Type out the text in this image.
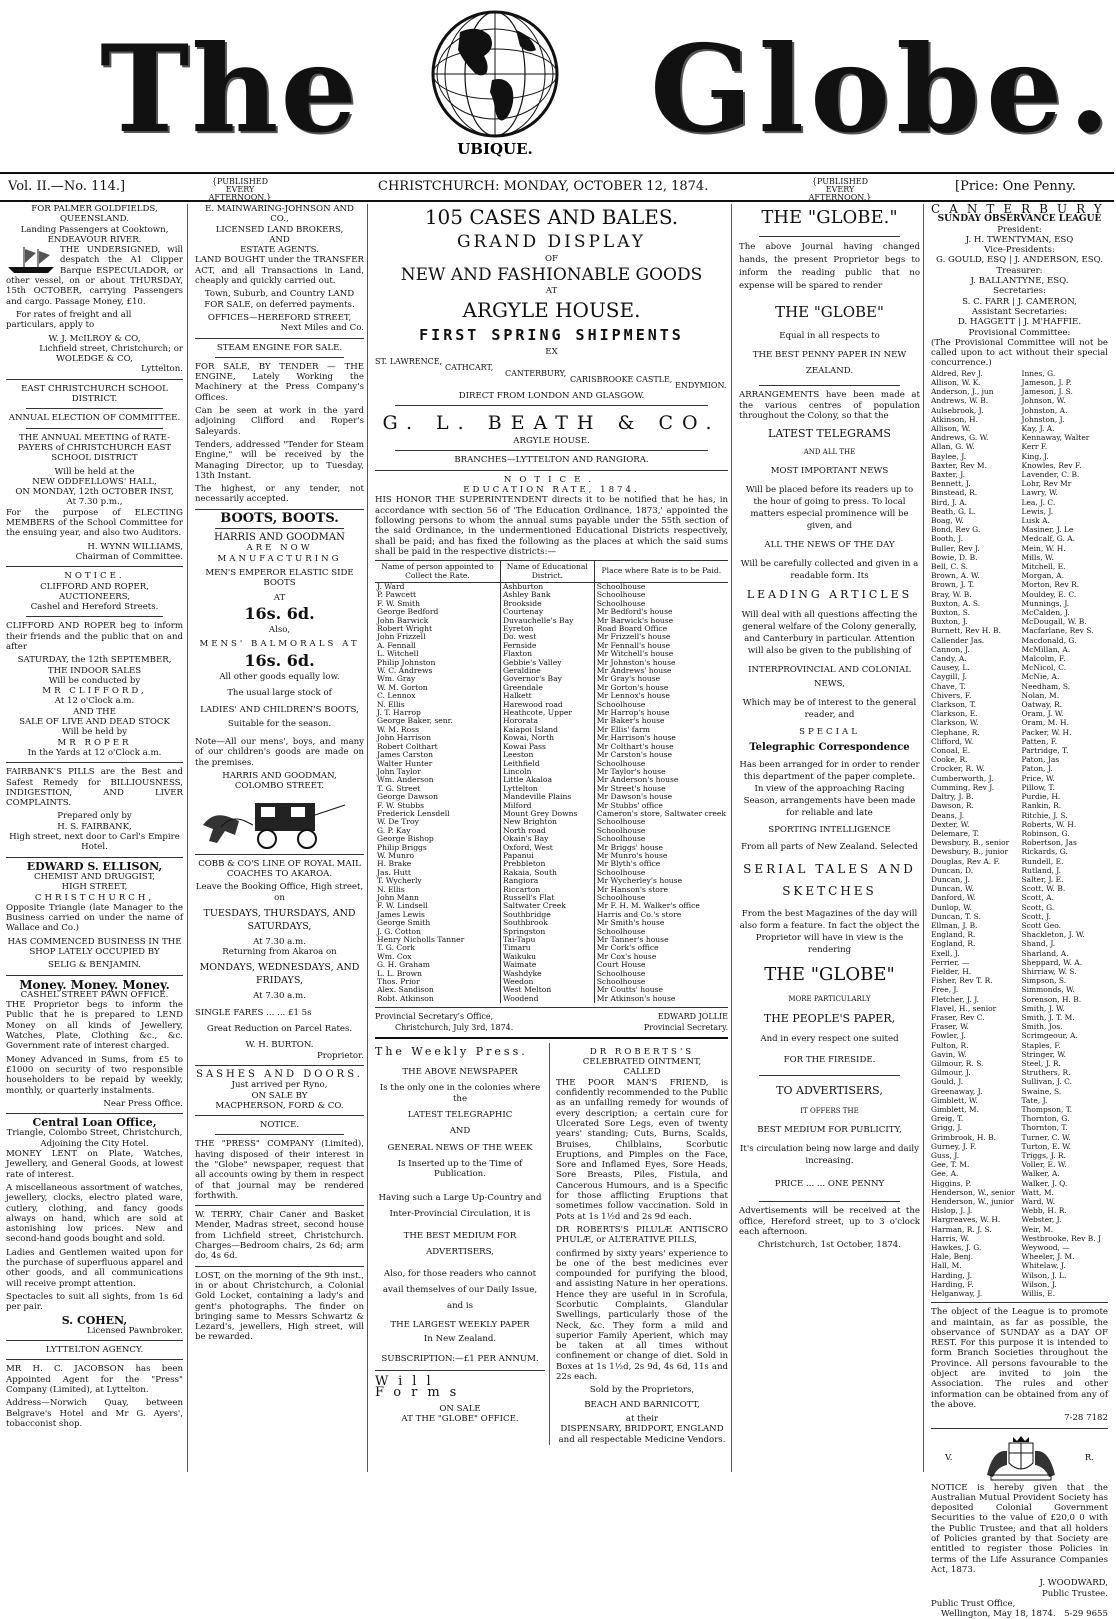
The	UBIQUE. Globe.
Vol. II.—No. 114.]	{PUBLISHED EVERY AFTERNOON.}
CHRISTCHURCH: MONDAY, OCTOBER 12, 1874.	{PUBLISHED EVERY AFTERNOON.}
[Price: One Penny.
FOR PALMER GOLDFIELDS, QUEENSLAND.
Landing Passengers at Cooktown, ENDEAVOUR RIVER.

THE UNDERSIGNED, will despatch the A1 Clipper Barque ESPECULADOR, or other vessel, on or about THURSDAY, 15th OCTOBER, carrying Passengers and cargo. Passage Money, £10.

For rates of freight and all particulars, apply to

W. J. McILROY & CO,
Lichfield street, Christchurch; or
WOLEDGE & CO,
Lyttelton.
EAST CHRISTCHURCH SCHOOL DISTRICT.
ANNUAL ELECTION OF COMMITTEE.

THE ANNUAL MEETING of RATE-PAYERS of CHRISTCHURCH EAST SCHOOL DISTRICT

Will be held at the
NEW ODDFELLOWS' HALL,
ON MONDAY, 12th OCTOBER INST,
At 7.30 p.m.,

For the purpose of ELECTING MEMBERS of the School Committee for the ensuing year, and also two Auditors.

H. WYNN WILLIAMS,
Chairman of Committee.
NOTICE.
CLIFFORD AND ROPER,
AUCTIONEERS,
Cashel and Hereford Streets.

CLIFFORD AND ROPER beg to inform their friends and the public that on and after

SATURDAY, the 12th SEPTEMBER,
THE INDOOR SALES
Will be conducted by
MR CLIFFORD,
At 12 o'Clock a.m.
AND THE
SALE OF LIVE AND DEAD STOCK
Will be held by
MR ROPER
In the Yards at 12 o'Clock a.m.

FAIRBANK'S PILLS are the Best and Safest Remedy for BILLIOUSNESS, INDIGESTION, AND LIVER COMPLAINTS.

Prepared only by
H. S. FAIRBANK,
High street, next door to Carl's Empire Hotel.
EDWARD S. ELLISON,
CHEMIST AND DRUGGIST,
HIGH STREET,
CHRISTCHURCH,

Opposite Triangle (late Manager to the Business carried on under the name of Wallace and Co.)

HAS COMMENCED BUSINESS IN THE SHOP LATELY OCCUPIED BY

SELIG & BENJAMIN.
Money. Money. Money.
CASHEL STREET PAWN OFFICE.

THE Proprietor begs to inform the Public that he is prepared to LEND Money on all kinds of Jewellery, Watches, Plate, Clothing &c., &c. Government rate of interest charged.

Money Advanced in Sums, from £5 to £1000 on security of two responsible householders to be repaid by weekly, monthly, or quarterly instalments.

Near Press Office.
Central Loan Office,
Triangle, Colombo Street, Christchurch,
Adjoining the City Hotel.

MONEY LENT on Plate, Watches, Jewellery, and General Goods, at lowest rate of interest.

A miscellaneous assortment of watches, jewellery, clocks, electro plated ware, cutlery, clothing, and fancy goods always on hand, which are sold at astonishing low prices. New and second-hand goods bought and sold.

Ladies and Gentlemen waited upon for the purchase of superfluous apparel and other goods, and all communications will receive prompt attention.

Spectacles to suit all sights, from 1s 6d per pair.

S. COHEN,
Licensed Pawnbroker.
LYTTELTON AGENCY.

MR H. C. JACOBSON has been Appointed Agent for the "Press" Company (Limited), at Lyttelton.

Address—Norwich Quay, between Belgrave's Hotel and Mr G. Ayers', tobacconist shop.

E. MAINWARING-JOHNSON AND CO.,
LICENSED LAND BROKERS,
AND
ESTATE AGENTS.

LAND BOUGHT under the TRANSFER ACT, and all Transactions in Land, cheaply and quickly carried out.

Town, Suburb, and Country LAND FOR SALE, on deferred payments.

OFFICES—HEREFORD STREET,
Next Miles and Co.
STEAM ENGINE FOR SALE.

FOR SALE, BY TENDER — THE ENGINE, Lately Working the Machinery at the Press Company's Offices.

Can be seen at work in the yard adjoining Clifford and Roper's Saleyards.

Tenders, addressed "Tender for Steam Engine," will be received by the Managing Director, up to Tuesday, 13th Instant.

The highest, or any tender, not necessarily accepted.

BOOTS, BOOTS.
HARRIS AND GOODMAN
ARE NOW MANUFACTURING
MEN'S EMPEROR ELASTIC SIDE BOOTS
AT
16s. 6d.
Also,
MENS' BALMORALS AT
16s. 6d.
All other goods equally low.
The usual large stock of
LADIES' AND CHILDREN'S BOOTS,
Suitable for the season.

Note—All our mens', boys, and many of our children's goods are made on the premises.

HARRIS AND GOODMAN,
COLOMBO STREET.

COBB & CO'S LINE OF ROYAL MAIL COACHES TO AKAROA.

Leave the Booking Office, High street, on
TUESDAYS, THURSDAYS, AND SATURDAYS,
At 7.30 a.m.
Returning from Akaroa on
MONDAYS, WEDNESDAYS, AND FRIDAYS,
At 7.30 a.m.
SINGLE FARES ... ... £1 5s
Great Reduction on Parcel Rates.
W. H. BURTON.
Proprietor.
SASHES AND DOORS.
Just arrived per Ryno,
ON SALE BY
MACPHERSON, FORD & CO.
NOTICE.

THE "PRESS" COMPANY (Limited), having disposed of their interest in the "Globe" newspaper, request that all accounts owing by them in respect of that journal may be rendered forthwith.

W. TERRY, Chair Caner and Basket Mender, Madras street, second house from Lichfield street, Christchurch. Charges—Bedroom chairs, 2s 6d; arm do, 4s 6d.

LOST, on the morning of the 9th inst., in or about Christchurch, a Colonial Gold Locket, containing a lady's and gent's photographs. The finder on bringing same to Messrs Schwartz & Lezard's, jewellers, High street, will be rewarded.

105 CASES AND BALES.
GRAND DISPLAY
OF
NEW AND FASHIONABLE GOODS
AT
ARGYLE HOUSE.
FIRST SPRING SHIPMENTS
EX
ST. LAWRENCE,
CATHCART,
CANTERBURY,
CARISBROOKE CASTLE,
ENDYMION.
DIRECT FROM LONDON AND GLASGOW.
G. L. BEATH & CO.
ARGYLE HOUSE.
BRANCHES—LYTTELTON AND RANGIORA.
NOTICE.
EDUCATION RATE, 1874.

HIS HONOR THE SUPERINTENDENT directs it to be notified that he has, in accordance with section 56 of 'The Education Ordinance, 1873,' appointed the following persons to whom the annual sums payable under the 55th section of the said Ordinance, in the undermentioned Educational Districts respectively, shall be paid; and has fixed the following as the places at which the said sums shall be paid in the respective districts:—

Name of person appointed to Collect the Rate.	Name of Educational District.	Place where Rate is to be Paid.
J. Ward	Ashburton	Schoolhouse
P. Pawcett	Ashley Bank	Schoolhouse
F. W. Smith	Brookside	Schoolhouse
George Bedford	Courtenay	Mr Bedford's house
John Barwick	Duvauchelle's Bay	Mr Barwick's house
Robert Wright	Eyreton	Road Board Office
John Frizzell	Do. west	Mr Frizzell's house
A. Fennall	Fernside	Mr Fennall's house
L. Witchell	Flaxton	Mr Witchell's house
Philip Johnston	Gebbie's Valley	Mr Johnston's house
W. C. Andrews	Geraldine	Mr Andrews' house
Wm. Gray	Governor's Bay	Mr Gray's house
W. M. Gorton	Greendale	Mr Gorton's house
C. Lennox	Halkett	Mr Lennox's house
N. Ellis	Harewood road	Schoolhouse
J. T. Harrop	Heathcote, Upper	Mr Harrop's house
George Baker, senr.	Hororata	Mr Baker's house
W. M. Ross	Kaiapoi Island	Mr Ellis' farm
John Harrison	Kowai, North	Mr Harrison's house
Robert Colthart	Kowai Pass	Mr Colthart's house
James Carston	Leeston	Mr Carston's house
Walter Hunter	Leithfield	Schoolhouse
John Taylor	Lincoln	Mr Taylor's house
Wm. Anderson	Little Akaloa	Mr Anderson's house
T. G. Street	Lyttelton	Mr Street's house
George Dawson	Mandeville Plains	Mr Dawson's house
F. W. Stubbs	Milford	Mr Stubbs' office
Frederick Lensdell	Mount Grey Downs	Cameron's store, Saltwater creek
W. De Troy	New Brighton	Schoolhouse
G. P. Kay	North road	Schoolhouse
George Bishop	Okain's Bay	Schoolhouse
Philip Briggs	Oxford, West	Mr Briggs' house
W. Munro	Papanui	Mr Munro's house
H. Brake	Prebbleton	Mr Blyth's office
Jas. Hutt	Rakaia, South	Schoolhouse
T. Wycherly	Rangiora	Mr Wycherley's house
N. Ellis	Riccarton	Mr Hanson's store
John Mann	Russell's Flat	Schoolhouse
F. W. Lindsell	Saltwater Creek	Mr F. H. M. Walker's office
James Lewis	Southbridge	Harris and Co.'s store
George Smith	Southbrook	Mr Smith's house
J. G. Cotton	Springston	Schoolhouse
Henry Nicholls Tanner	Tai-Tapu	Mr Tanner's house
T. G. Cork	Timaru	Mr Cork's office
Wm. Cox	Waikuku	Mr Cox's house
G. H. Graham	Waimate	Court House
L. L. Brown	Washdyke	Schoolhouse
Thos. Prior	Weedon	Schoolhouse
Alex. Sandison	West Melton	Mr Coutts' house
Robt. Atkinson	Woodend	Mr Atkinson's house
Provincial Secretary's Office,
Christchurch, July 3rd, 1874.
EDWARD JOLLIE
Provincial Secretary.
The Weekly Press.
THE ABOVE NEWSPAPER
Is the only one in the colonies where the
LATEST TELEGRAPHIC
AND
GENERAL NEWS OF THE WEEK
Is Inserted up to the Time of Publication.
Having such a Large Up-Country and Inter-Provincial Circulation, it is
THE BEST MEDIUM FOR ADVERTISERS,
Also, for those readers who cannot avail themselves of our Daily Issue, and is
THE LARGEST WEEKLY PAPER
In New Zealand.
SUBSCRIPTION:—£1 PER ANNUM.
Will Forms
ON SALE
AT THE "GLOBE" OFFICE.
DR ROBERTS'S
CELEBRATED OINTMENT,
CALLED

THE POOR MAN'S FRIEND, is confidently recommended to the Public as an unfailing remedy for wounds of every description; a certain cure for Ulcerated Sore Legs, even of twenty years' standing; Cuts, Burns, Scalds, Bruises, Chilblains, Scorbutic Eruptions, and Pimples on the Face, Sore and Inflamed Eyes, Sore Heads, Sore Breasts, Piles, Fistula, and Cancerous Humours, and is a Specific for those afflicting Eruptions that sometimes follow vaccination. Sold in Pots at 1s 1½d and 2s 9d each.

DR ROBERTS'S PILULÆ ANTISCRO PHULÆ, or ALTERATIVE PILLS,

confirmed by sixty years' experience to be one of the best medicines ever compounded for purifying the blood, and assisting Nature in her operations. Hence they are useful in in Scrofula, Scorbutic Complaints, Glandular Swellings, particularly those of the Neck, &c. They form a mild and superior Family Aperient, which may be taken at all times without confinement or change of diet. Sold in Boxes at 1s 1½d, 2s 9d, 4s 6d, 11s and 22s each.

Sold by the Proprietors,
BEACH AND BARNICOTT,
at their
DISPENSARY, BRIDPORT, ENGLAND
and all respectable Medicine Vendors.
THE "GLOBE."

The above Journal having changed hands, the present Proprietor begs to inform the reading public that no expense will be spared to render

THE "GLOBE"
Equal in all respects to
THE BEST PENNY PAPER IN NEW ZEALAND.

ARRANGEMENTS have been made at the various centres of population throughout the Colony, so that the

LATEST TELEGRAMS
AND ALL THE
MOST IMPORTANT NEWS

Will be placed before its readers up to the hour of going to press. To local matters especial prominence will be given, and

ALL THE NEWS OF THE DAY

Will be carefully collected and given in a readable form. Its

LEADING ARTICLES

Will deal with all questions affecting the general welfare of the Colony generally, and Canterbury in particular. Attention will also be given to the publishing of

INTERPROVINCIAL AND COLONIAL NEWS,

Which may be of interest to the general reader, and

SPECIAL
Telegraphic Correspondence

Has been arranged for in order to render this department of the paper complete. In view of the approaching Racing Season, arrangements have been made for reliable and late

SPORTING INTELLIGENCE

From all parts of New Zealand. Selected

SERIAL TALES AND SKETCHES

From the best Magazines of the day will also form a feature. In fact the object the Proprietor will have in view is the rendering

THE "GLOBE"
MORE PARTICULARLY
THE PEOPLE'S PAPER,
And in every respect one suited
FOR THE FIRESIDE.
TO ADVERTISERS,
IT OFFERS THE
BEST MEDIUM FOR PUBLICITY,

It's circulation being now large and daily increasing.

PRICE ... ... ONE PENNY

Advertisements will be received at the office, Hereford street, up to 3 o'clock each afternoon.

Christchurch, 1st October, 1874.
CANTERBURY
SUNDAY OBSERVANCE LEAGUE
President:
J. H. TWENTYMAN, ESQ
Vice-Presidents:
G. GOULD, ESQ | J. ANDERSON, ESQ.
Treasurer:
J. BALLANTYNE, ESQ.
Secretaries:
S. C. FARR | J. CAMERON,
Assistant Secretaries:
D. HAGGETT | J. M'HAFFIE.
Provisional Committee:
(The Provisional Committee will not be called upon to act without their special concurrence.)
Aldred, Rev J.
Allison, W. K.
Anderson, J., jun
Andrews, W. B.
Aulsebrook, J.
Atkinson, H.
Allison, W.
Andrews, G. W.
Allan, G. W.
Baylee, J.
Baxter, Rev M.
Baxter, J.
Bennett, J.
Binstead, R.
Bird, J. A.
Beath, G. L.
Boag, W.
Bond, Rev G.
Booth, J.
Buller, Rev J.
Bowie, D. B.
Bell, C. S.
Brown, A. W.
Brown, J. T.
Bray, W. B.
Buxton, A. S.
Buxton, S.
Buxton, J.
Burnett, Rev H. B.
Callender Jas.
Cannon, J.
Candy, A.
Causey, L.
Caygill, J.
Chave, T.
Chivers, F.
Clarkson, T.
Clarkson, E.
Clarkson, W.
Clephane, R.
Clifford, W.
Conoal, E.
Cooke, R.
Crocker, R. W.
Cumberworth, J.
Cumming, Rev J.
Daltry, J. B.
Dawson, R.
Deans, J.
Dexter, W.
Delemare, T.
Dewsbury, B., senior
Dewsbury, B., junior
Douglas, Rev A. F.
Duncan, D.
Duncan, J.
Duncan, W.
Danford, W.
Dunlop, W.
Duncan, T. S.
Ellman, J. B.
England, R.
England, R.
Exell, J.
Ferrier, —
Fielder, H.
Fisher, Rev T. R.
Free, J.
Fletcher, J. J.
Flavel, H., senior
Fraser, Rev C.
Fraser, W.
Fowler, J.
Fulton, R.
Gavin, W.
Gilmour, R. S.
Gilmour, J.
Gould, J.
Greenaway, J.
Gimblett, W.
Gimblett, M.
Greig, T.
Grigg, J.
Grimbrook, H. B.
Gurney, J. F.
Guss, J.
Gee, T. M.
Gee, A.
Higgins, P.
Henderson, W., senior
Henderson, W., junior
Hislop, J. J.
Hargreaves, W. H.
Harman, R. J. S.
Harris, W.
Hawkes, J. G.
Hale, Benj.
Hall, M.
Harding, J.
Harding, F.
Helganway, J.
Innes, G.
Jameson, J. P.
Jameson, J. S.
Johnson, W.
Johnston, A.
Johnston, J.
Kay, J. A.
Kennaway, Walter
Kerr F.
King, J.
Knowles, Rev F.
Lavender, C. B.
Lohr, Rev Mr
Lawry, W.
Lea, J. C.
Lewis, J.
Lusk A.
Masiner, J. Le
Medcalf, G. A.
Mein, W. H.
Mills, W.
Mitchell, E.
Morgan, A.
Morton, Rev R.
Mouldey, E. C.
Munnings, J.
McCalden, J.
McDougall, W. B.
Macfarlane, Rev S.
Macdonald, G.
McMillan, A.
Malcolm, F.
McNicol, C.
McNie, A.
Needham, S.
Nolan, M.
Oatway, R.
Oram, J. W.
Oram, M. H.
Packer, W. H.
Patten, F.
Partridge, T.
Paton, Jas
Paton, J.
Price, W.
Pillow, T.
Purdie, H.
Rankin, R.
Ritchie, J. S.
Roberts, W. H.
Robinson, G.
Robertson, Jas
Rickards, G.
Rundell, E.
Rutland, J.
Salter, J. E.
Scott, W. B.
Scott, A.
Scott, G.
Scott, J.
Scott Geo.
Shackleton, J. W.
Shand, J.
Sharland, A.
Sheppard, W. A.
Shirriaw, W. S.
Simpson, S.
Simmonds, W.
Sorenson, H. B.
Smith, J. W.
Smith, J. T. M.
Smith, Jos.
Scrimgeour, A.
Staples, F.
Stringer, W.
Steel, J. R.
Struthers, R.
Sullivan, J. C.
Swaine, S.
Tate, J.
Thompson, T.
Thornton, G.
Thornton, T.
Turner, C. W.
Turton, E. W.
Triggs, J. R.
Voller, E. W.
Walker, A.
Walker, J. Q.
Watt, M.
Ward, W.
Webb, H. R.
Webster, J.
Weir, M.
Westbrooke, Rev B. J
Weywood, —
Wheeler, J. M.
Whitelaw, J.
Wilson, J. L.
Wilson, J.
Willis, E.

The object of the League is to promote and maintain, as far as possible, the observance of SUNDAY as a DAY OF REST. For this purpose it is intended to form Branch Societies throughout the Province. All persons favourable to the object are invited to join the Association. The rules and other information can be obtained from any of the above.

7-28 7182
V.	R.

NOTICE is hereby given that the Australian Mutual Provident Society has deposited Colonial Government Securities to the value of £20,0 0 with the Public Trustee; and that all holders of Policies granted by that Society are entitled to register those Policies in terms of the Life Assurance Companies Act, 1873.

J. WOODWARD,
Public Trustee.
Public Trust Office,
Wellington, May 18, 1874. 5-29 9655
